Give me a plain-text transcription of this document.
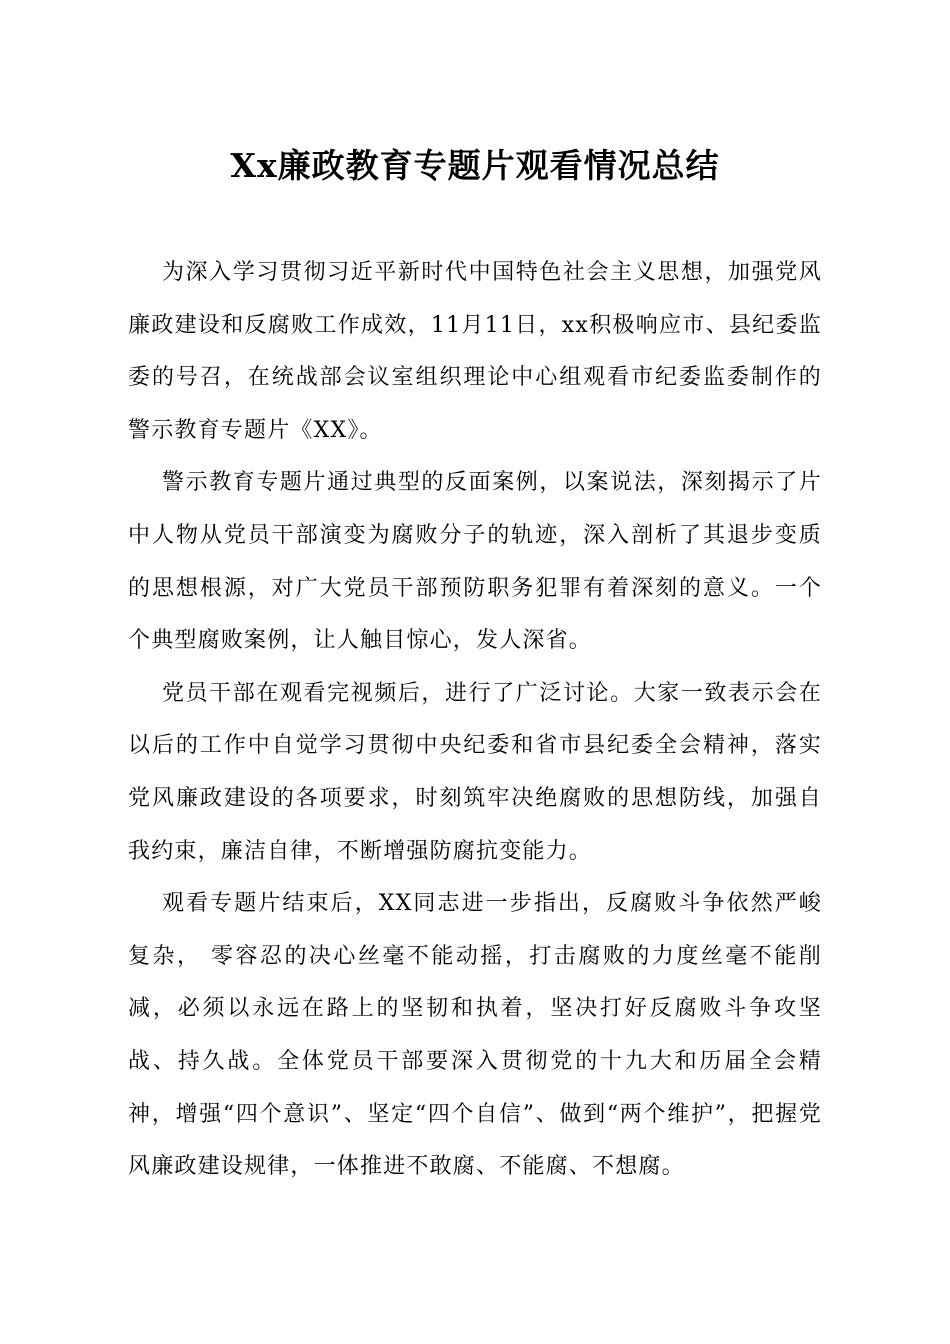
Xx廉政教育专题片观看情况总结

为深入学习贯彻习近平新时代中国特色社会主义思想，加强党风廉政建设和反腐败工作成效，11月11日，xx积极响应市、县纪委监委的号召，在统战部会议室组织理论中心组观看市纪委监委制作的警示教育专题片《XX》。

警示教育专题片通过典型的反面案例，以案说法，深刻揭示了片中人物从党员干部演变为腐败分子的轨迹，深入剖析了其退步变质的思想根源，对广大党员干部预防职务犯罪有着深刻的意义。一个个典型腐败案例，让人触目惊心，发人深省。

党员干部在观看完视频后，进行了广泛讨论。大家一致表示会在以后的工作中自觉学习贯彻中央纪委和省市县纪委全会精神，落实党风廉政建设的各项要求，时刻筑牢决绝腐败的思想防线，加强自我约束，廉洁自律，不断增强防腐抗变能力。

观看专题片结束后，XX同志进一步指出，反腐败斗争依然严峻复杂， 零容忍的决心丝毫不能动摇，打击腐败的力度丝毫不能削减，必须以永远在路上的坚韧和执着，坚决打好反腐败斗争攻坚战、持久战。全体党员干部要深入贯彻党的十九大和历届全会精神，增强“四个意识”、坚定“四个自信”、做到“两个维护”，把握党风廉政建设规律，一体推进不敢腐、不能腐、不想腐。
